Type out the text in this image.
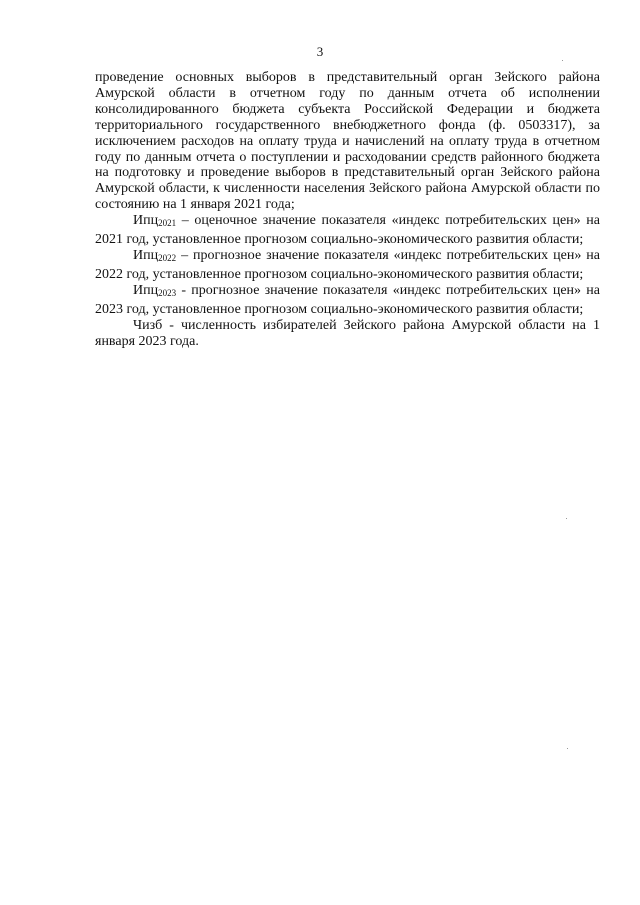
3

проведение основных выборов в представительный орган Зейского района Амурской области в отчетном году по данным отчета об исполнении консолидированного бюджета субъекта Российской Федерации и бюджета территориального государственного внебюджетного фонда (ф. 0503317), за исключением расходов на оплату труда и начислений на оплату труда в отчетном году по данным отчета о поступлении и расходовании средств районного бюджета на подготовку и проведение выборов в представительный орган Зейского района Амурской области, к численности населения Зейского района Амурской области по состоянию на 1 января 2021 года;

Ипц$_{2021}$ – оценочное значение показателя «индекс потребительских цен» на 2021 год, установленное прогнозом социально-экономического развития области;

Ипц$_{2022}$ – прогнозное значение показателя «индекс потребительских цен» на 2022 год, установленное прогнозом социально-экономического развития области;

Ипц$_{2023}$ - прогнозное значение показателя «индекс потребительских цен» на 2023 год, установленное прогнозом социально-экономического развития области;

Чизб - численность избирателей Зейского района Амурской области на 1 января 2023 года.
